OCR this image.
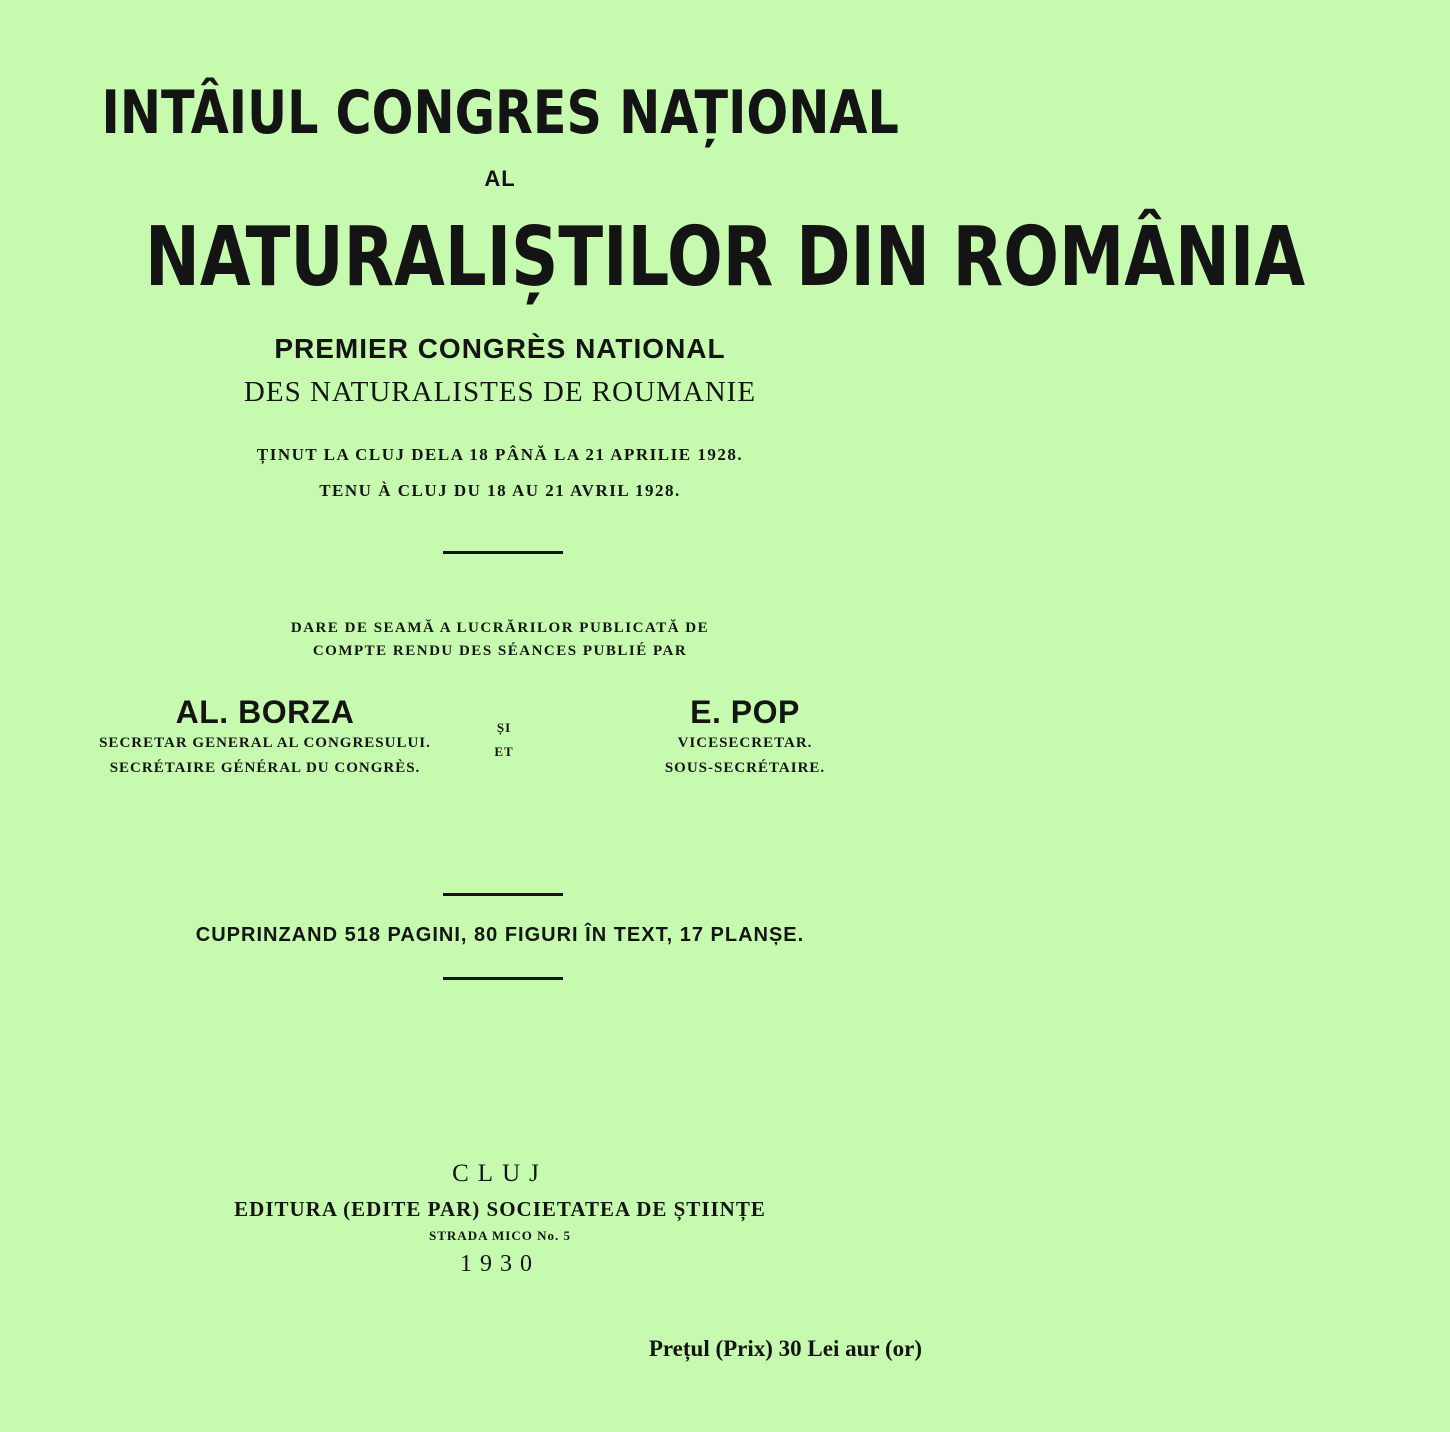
INTÂIUL CONGRES NAȚIONAL
AL
NATURALIȘTILOR DIN ROMÂNIA
PREMIER CONGRÈS NATIONAL
DES NATURALISTES DE ROUMANIE
ȚINUT LA CLUJ DELA 18 PÂNĂ LA 21 APRILIE 1928.
TENU À CLUJ DU 18 AU 21 AVRIL 1928.
DARE DE SEAMĂ A LUCRĂRILOR PUBLICATĂ DE
COMPTE RENDU DES SÉANCES PUBLIÉ PAR
AL. BORZA
SECRETAR GENERAL AL CONGRESULUI.
SECRÉTAIRE GÉNÉRAL DU CONGRÈS.
ȘI
ET
E. POP
VICESECRETAR.
SOUS-SECRÉTAIRE.
CUPRINZAND 518 PAGINI, 80 FIGURI ÎN TEXT, 17 PLANȘE.
CLUJ
EDITURA (EDITE PAR) SOCIETATEA DE ȘTIINȚE
STRADA MICO No. 5
1930
Prețul (Prix) 30 Lei aur (or)
